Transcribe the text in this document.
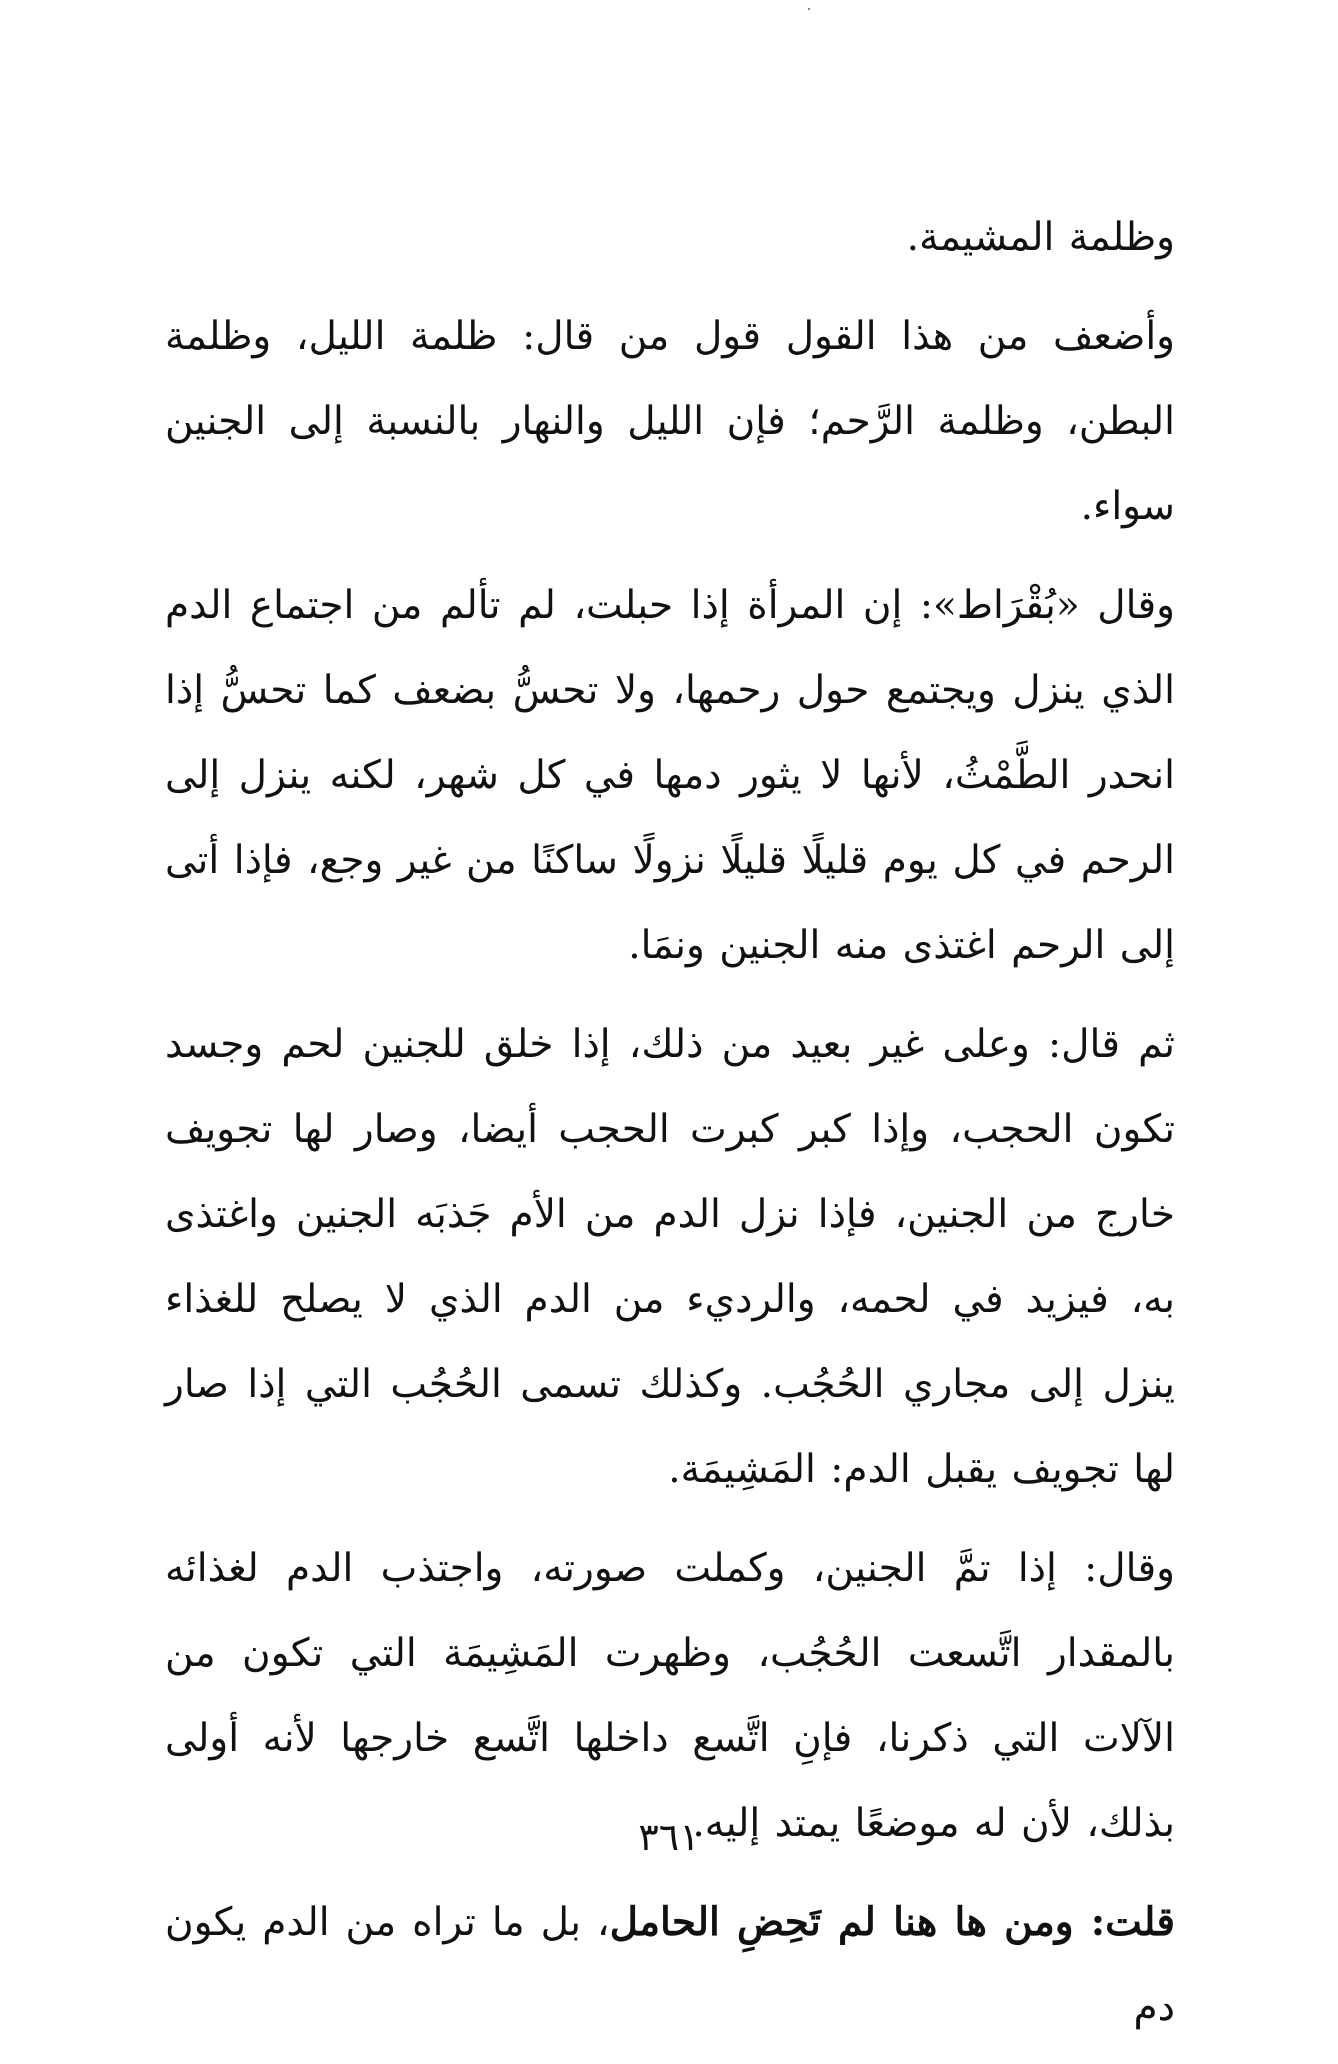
وظلمة المشيمة.

وأضعف من هذا القول قول من قال: ظلمة الليل، وظلمة البطن، وظلمة الرَّحم؛ فإن الليل والنهار بالنسبة إلى الجنين سواء.

وقال «بُقْرَاط»: إن المرأة إذا حبلت، لم تألم من اجتماع الدم الذي ينزل ويجتمع حول رحمها، ولا تحسُّ بضعف كما تحسُّ إذا انحدر الطَّمْثُ، لأنها لا يثور دمها في كل شهر، لكنه ينزل إلى الرحم في كل يوم قليلًا قليلًا نزولًا ساكنًا من غير وجع، فإذا أتى إلى الرحم اغتذى منه الجنين ونمَا.

ثم قال: وعلى غير بعيد من ذلك، إذا خلق للجنين لحم وجسد تكون الحجب، وإذا كبر كبرت الحجب أيضا، وصار لها تجويف خارج من الجنين، فإذا نزل الدم من الأم جَذبَه الجنين واغتذى به، فيزيد في لحمه، والرديء من الدم الذي لا يصلح للغذاء ينزل إلى مجاري الحُجُب. وكذلك تسمى الحُجُب التي إذا صار لها تجويف يقبل الدم: المَشِيمَة.

وقال: إذا تمَّ الجنين، وكملت صورته، واجتذب الدم لغذائه بالمقدار اتَّسعت الحُجُب، وظهرت المَشِيمَة التي تكون من الآلات التي ذكرنا، فإنِ اتَّسع داخلها اتَّسع خارجها لأنه أولى بذلك، لأن له موضعًا يمتد إليه.

قلت: ومن ها هنا لم تَحِضِ الحامل، بل ما تراه من الدم يكون دم

٣٦١
